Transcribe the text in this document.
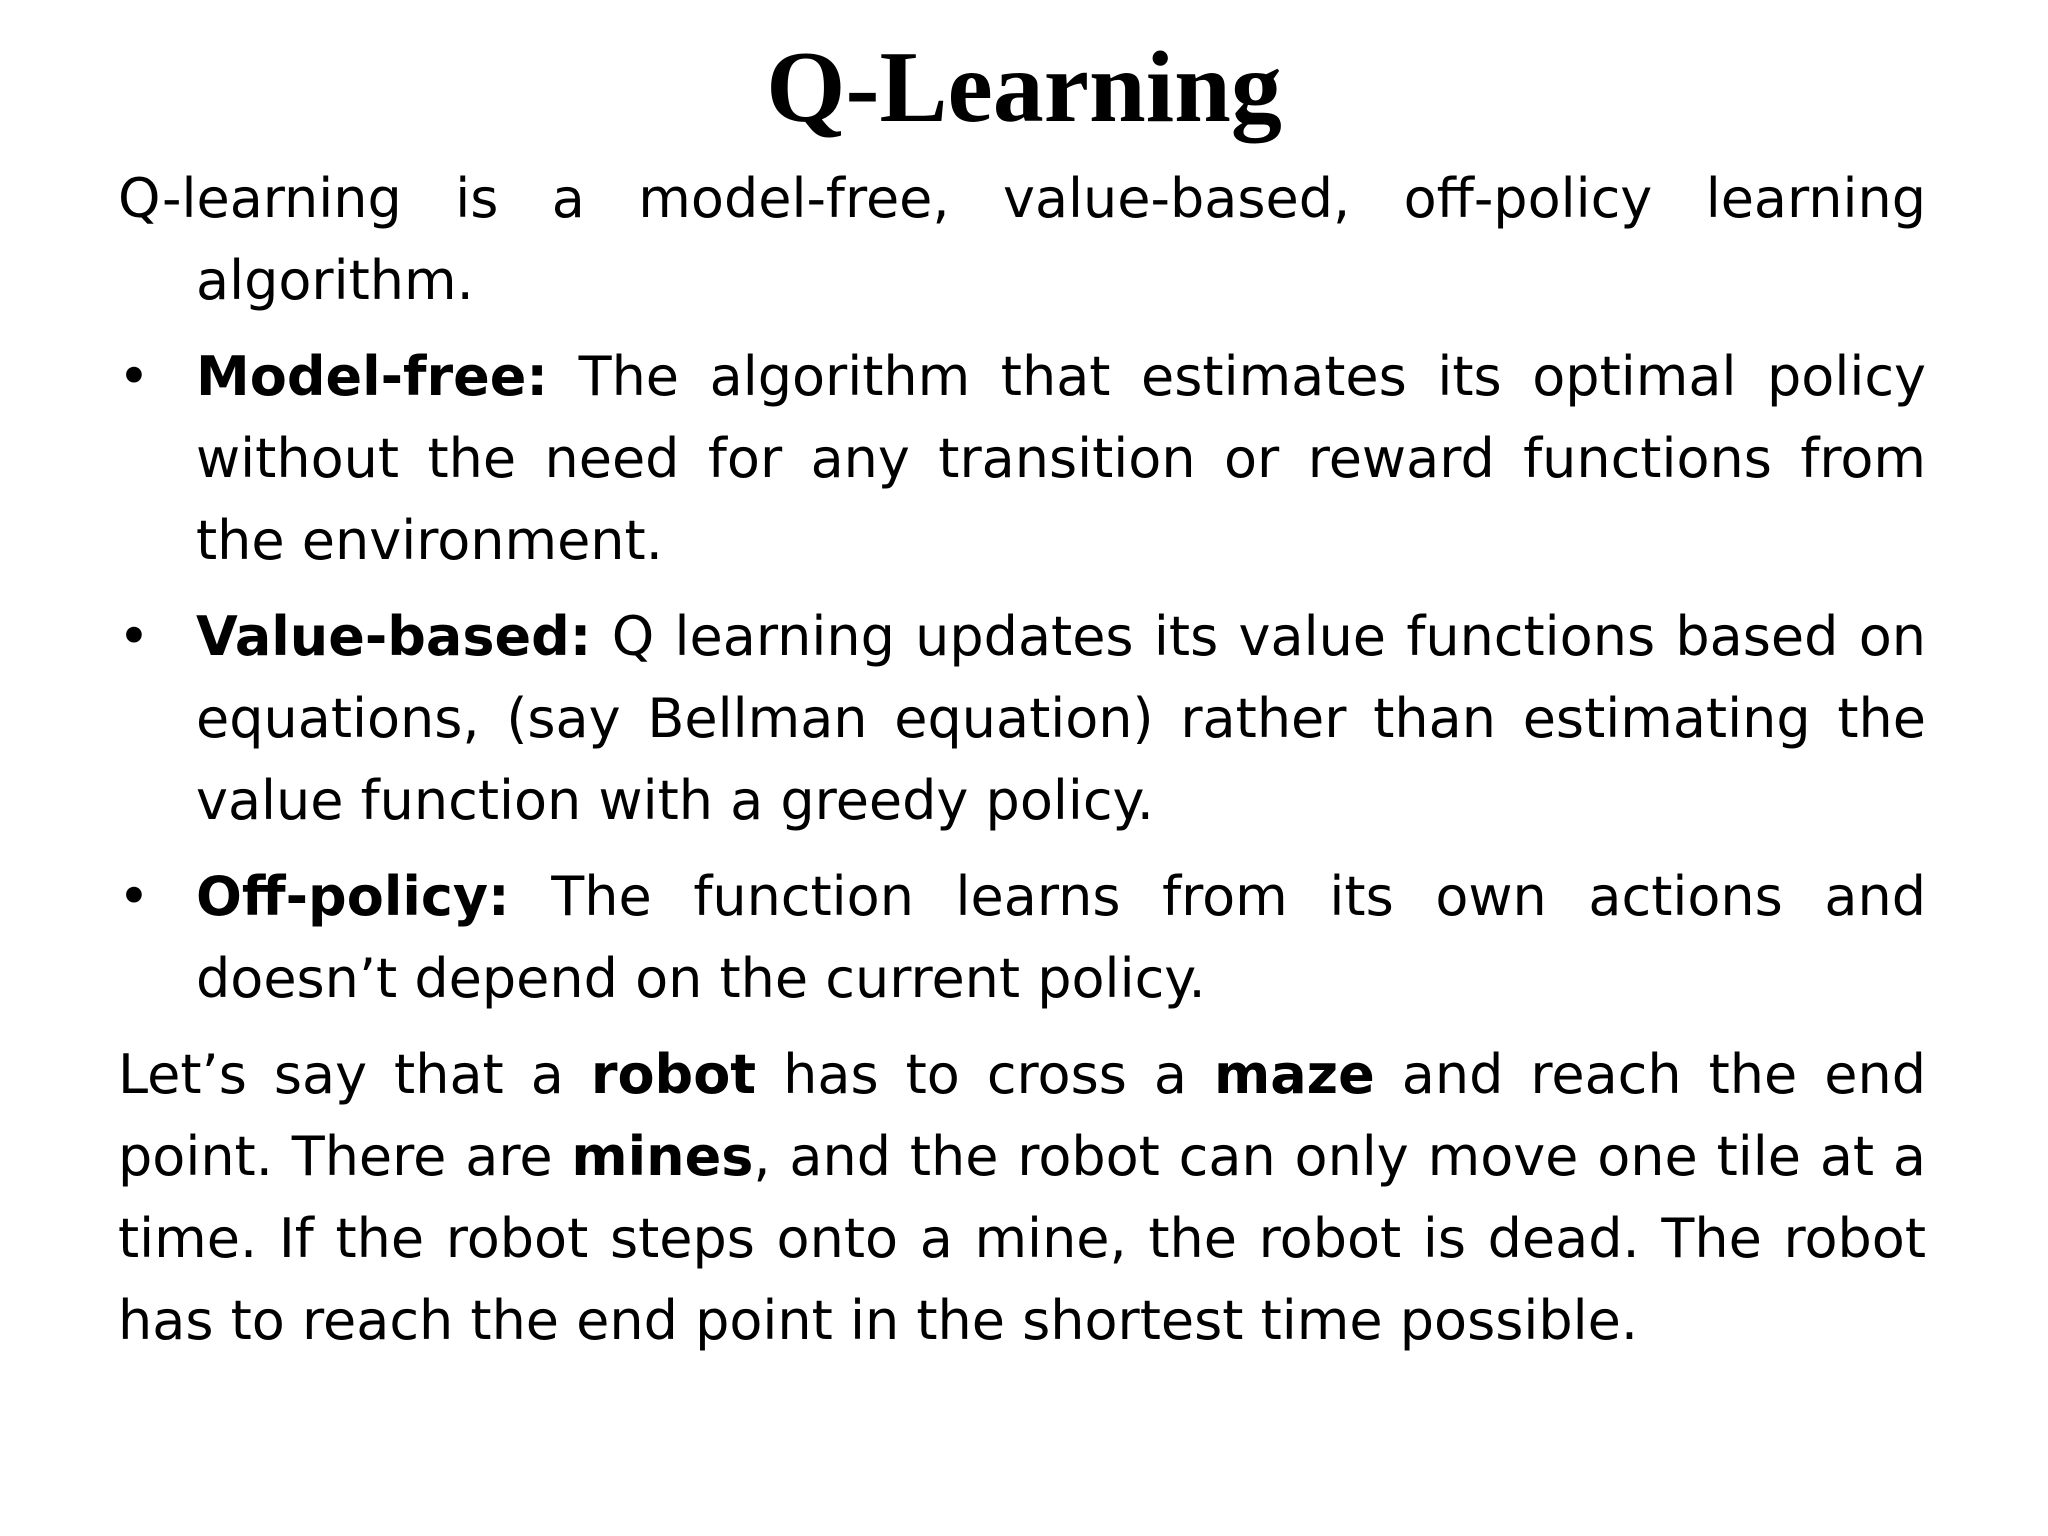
Q-Learning

Q-learning is a model-free, value-based, off-policy learning algorithm.

• Model-free: The algorithm that estimates its optimal policy without the need for any transition or reward functions from the environment.
• Value-based: Q learning updates its value functions based on equations, (say Bellman equation) rather than estimating the value function with a greedy policy.
• Off-policy: The function learns from its own actions and doesn’t depend on the current policy.

Let’s say that a robot has to cross a maze and reach the end point. There are mines, and the robot can only move one tile at a time. If the robot steps onto a mine, the robot is dead. The robot has to reach the end point in the shortest time possible.
